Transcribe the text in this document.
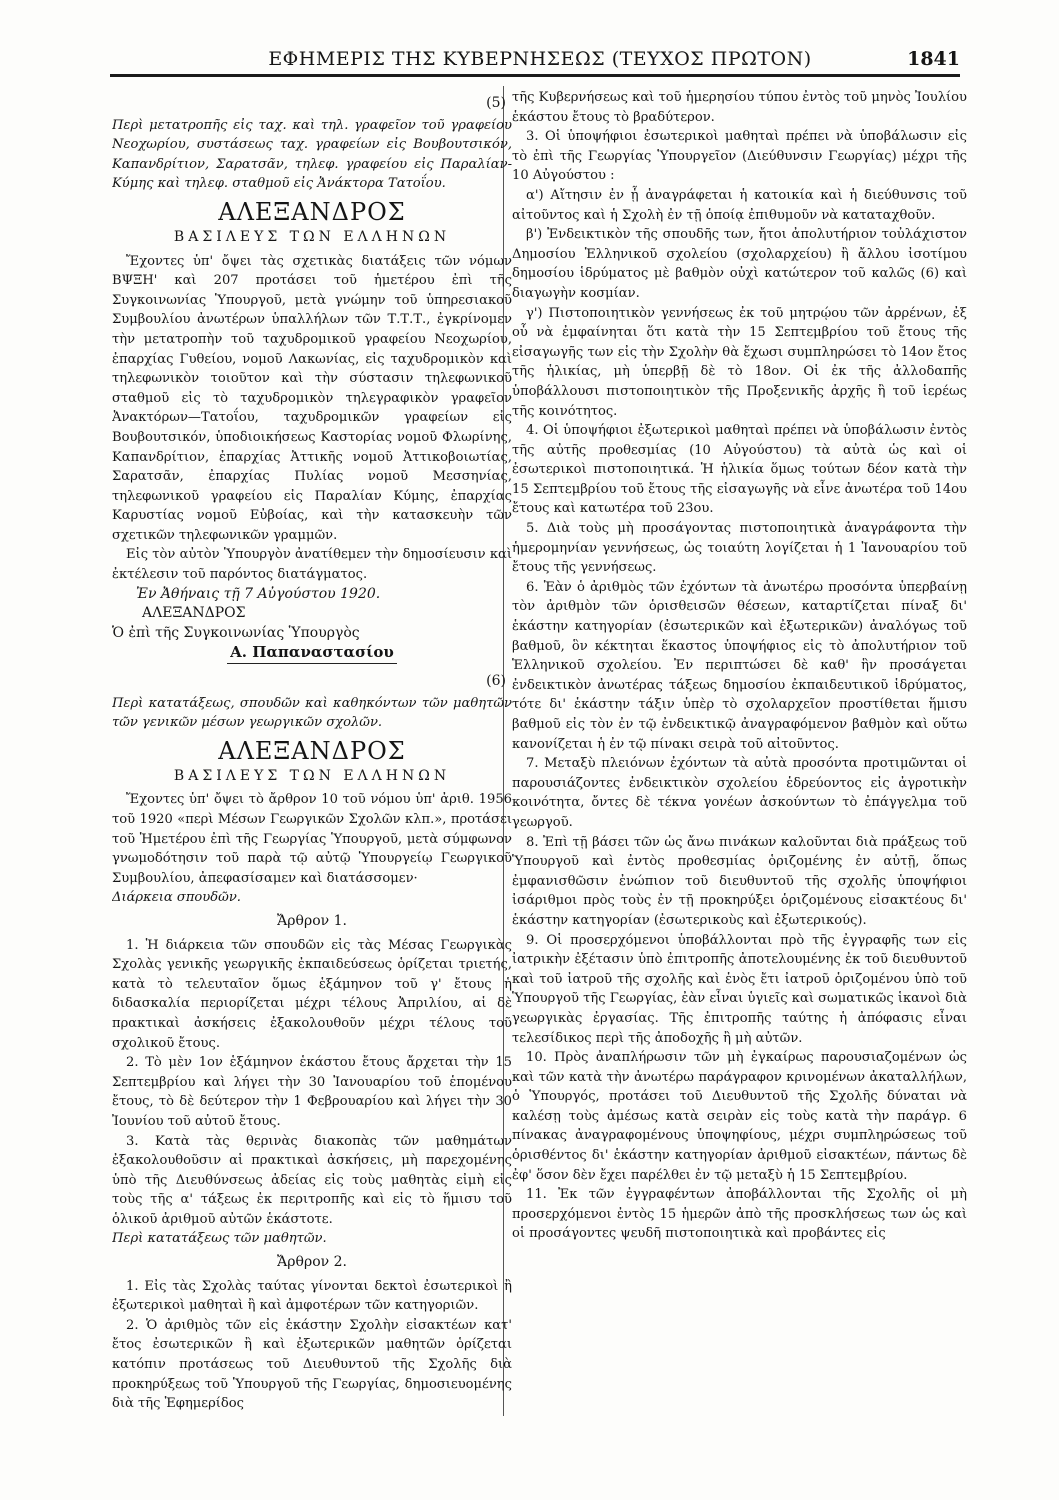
ΕΦΗΜΕΡΙΣ ΤΗΣ ΚΥΒΕΡΝΗΣΕΩΣ (ΤΕΥΧΟΣ ΠΡΩΤΟΝ)	1841
(5)

Περὶ μετατροπῆς εἰς ταχ. καὶ τηλ. γραφεῖον τοῦ γραφείου Νεοχωρίου, συστάσεως ταχ. γραφείων εἰς Βουβουτσικόν, Καπανδρίτιον, Σαρατσᾶν, τηλεφ. γραφείου εἰς Παραλίαν-Κύμης καὶ τηλεφ. σταθμοῦ εἰς Ἀνάκτορα Τατοΐου.

ΑΛΕΞΑΝΔΡΟΣ
ΒΑΣΙΛΕΥΣ ΤΩΝ ΕΛΛΗΝΩΝ

Ἔχοντες ὑπ' ὄψει τὰς σχετικὰς διατάξεις τῶν νόμων ΒΨΞΗ' καὶ 207 προτάσει τοῦ ἡμετέρου ἐπὶ τῆς Συγκοινωνίας Ὑπουργοῦ, μετὰ γνώμην τοῦ ὑπηρεσιακοῦ Συμβουλίου ἀνωτέρων ὑπαλλήλων τῶν Τ.Τ.Τ., ἐγκρίνομεν τὴν μετατροπὴν τοῦ ταχυδρομικοῦ γραφείου Νεοχωρίου, ἐπαρχίας Γυθείου, νομοῦ Λακωνίας, εἰς ταχυδρομικὸν καὶ τηλεφωνικὸν τοιοῦτον καὶ τὴν σύστασιν τηλεφωνικοῦ σταθμοῦ εἰς τὸ ταχυδρομικὸν τηλεγραφικὸν γραφεῖον Ἀνακτόρων—Τατοΐου, ταχυδρομικῶν γραφείων εἰς Βουβουτσικόν, ὑποδιοικήσεως Καστορίας νομοῦ Φλωρίνης, Καπανδρίτιον, ἐπαρχίας Ἀττικῆς νομοῦ Ἀττικοβοιωτίας, Σαρατσᾶν, ἐπαρχίας Πυλίας νομοῦ Μεσσηνίας, τηλεφωνικοῦ γραφείου εἰς Παραλίαν Κύμης, ἐπαρχίας Καρυστίας νομοῦ Εὐβοίας, καὶ τὴν κατασκευὴν τῶν σχετικῶν τηλεφωνικῶν γραμμῶν.

Εἰς τὸν αὐτὸν Ὑπουργὸν ἀνατίθεμεν τὴν δημοσίευσιν καὶ ἐκτέλεσιν τοῦ παρόντος διατάγματος.

Ἐν Ἀθήναις τῇ 7 Αὐγούστου 1920.

ΑΛΕΞΑΝΔΡΟΣ

Ὁ ἐπὶ τῆς Συγκοινωνίας Ὑπουργὸς

Α. Παπαναστασίου
(6)

Περὶ κατατάξεως, σπουδῶν καὶ καθηκόντων τῶν μαθητῶν τῶν γενικῶν μέσων γεωργικῶν σχολῶν.

ΑΛΕΞΑΝΔΡΟΣ
ΒΑΣΙΛΕΥΣ ΤΩΝ ΕΛΛΗΝΩΝ

Ἔχοντες ὑπ' ὄψει τὸ ἄρθρον 10 τοῦ νόμου ὑπ' ἀριθ. 1956 τοῦ 1920 «περὶ Μέσων Γεωργικῶν Σχολῶν κλπ.», προτάσει τοῦ Ἡμετέρου ἐπὶ τῆς Γεωργίας Ὑπουργοῦ, μετὰ σύμφωνον γνωμοδότησιν τοῦ παρὰ τῷ αὐτῷ Ὑπουργείῳ Γεωργικοῦ Συμβουλίου, ἀπεφασίσαμεν καὶ διατάσσομεν·

Διάρκεια σπουδῶν.

Ἄρθρον 1.

1. Ἡ διάρκεια τῶν σπουδῶν εἰς τὰς Μέσας Γεωργικὰς Σχολὰς γενικῆς γεωργικῆς ἐκπαιδεύσεως ὁρίζεται τριετής, κατὰ τὸ τελευταῖον ὅμως ἑξάμηνον τοῦ γ' ἔτους ἡ διδασκαλία περιορίζεται μέχρι τέλους Ἀπριλίου, αἱ δὲ πρακτικαὶ ἀσκήσεις ἐξακολουθοῦν μέχρι τέλους τοῦ σχολικοῦ ἔτους.

2. Τὸ μὲν 1ον ἑξάμηνον ἑκάστου ἔτους ἄρχεται τὴν 15 Σεπτεμβρίου καὶ λήγει τὴν 30 Ἰανουαρίου τοῦ ἑπομένου ἔτους, τὸ δὲ δεύτερον τὴν 1 Φεβρουαρίου καὶ λήγει τὴν 30 Ἰουνίου τοῦ αὐτοῦ ἔτους.

3. Κατὰ τὰς θερινὰς διακοπὰς τῶν μαθημάτων ἐξακολουθοῦσιν αἱ πρακτικαὶ ἀσκήσεις, μὴ παρεχομένης ὑπὸ τῆς Διευθύνσεως ἀδείας εἰς τοὺς μαθητὰς εἰμὴ εἰς τοὺς τῆς α' τάξεως ἐκ περιτροπῆς καὶ εἰς τὸ ἥμισυ τοῦ ὁλικοῦ ἀριθμοῦ αὐτῶν ἑκάστοτε.

Περὶ κατατάξεως τῶν μαθητῶν.

Ἄρθρον 2.

1. Εἰς τὰς Σχολὰς ταύτας γίνονται δεκτοὶ ἐσωτερικοὶ ἢ ἐξωτερικοὶ μαθηταὶ ἢ καὶ ἀμφοτέρων τῶν κατηγοριῶν.

2. Ὁ ἀριθμὸς τῶν εἰς ἑκάστην Σχολὴν εἰσακτέων κατ' ἔτος ἐσωτερικῶν ἢ καὶ ἐξωτερικῶν μαθητῶν ὁρίζεται κατόπιν προτάσεως τοῦ Διευθυντοῦ τῆς Σχολῆς διὰ προκηρύξεως τοῦ Ὑπουργοῦ τῆς Γεωργίας, δημοσιευομένης διὰ τῆς Ἐφημερίδος

τῆς Κυβερνήσεως καὶ τοῦ ἡμερησίου τύπου ἐντὸς τοῦ μηνὸς Ἰουλίου ἑκάστου ἔτους τὸ βραδύτερον.

3. Οἱ ὑποψήφιοι ἐσωτερικοὶ μαθηταὶ πρέπει νὰ ὑποβάλωσιν εἰς τὸ ἐπὶ τῆς Γεωργίας Ὑπουργεῖον (Διεύθυνσιν Γεωργίας) μέχρι τῆς 10 Αὐγούστου :

α') Αἴτησιν ἐν ᾗ ἀναγράφεται ἡ κατοικία καὶ ἡ διεύθυνσις τοῦ αἰτοῦντος καὶ ἡ Σχολὴ ἐν τῇ ὁποίᾳ ἐπιθυμοῦν νὰ καταταχθοῦν.

β') Ἐνδεικτικὸν τῆς σπουδῆς των, ἤτοι ἀπολυτήριον τοὐλάχιστον Δημοσίου Ἑλληνικοῦ σχολείου (σχολαρχείου) ἢ ἄλλου ἰσοτίμου δημοσίου ἱδρύματος μὲ βαθμὸν οὐχὶ κατώτερον τοῦ καλῶς (6) καὶ διαγωγὴν κοσμίαν.

γ') Πιστοποιητικὸν γεννήσεως ἐκ τοῦ μητρῴου τῶν ἀρρένων, ἐξ οὗ νὰ ἐμφαίνηται ὅτι κατὰ τὴν 15 Σεπτεμβρίου τοῦ ἔτους τῆς εἰσαγωγῆς των εἰς τὴν Σχολὴν θὰ ἔχωσι συμπληρώσει τὸ 14ον ἔτος τῆς ἡλικίας, μὴ ὑπερβῇ δὲ τὸ 18ον. Οἱ ἐκ τῆς ἀλλοδαπῆς ὑποβάλλουσι πιστοποιητικὸν τῆς Προξενικῆς ἀρχῆς ἢ τοῦ ἱερέως τῆς κοινότητος.

4. Οἱ ὑποψήφιοι ἐξωτερικοὶ μαθηταὶ πρέπει νὰ ὑποβάλωσιν ἐντὸς τῆς αὐτῆς προθεσμίας (10 Αὐγούστου) τὰ αὐτὰ ὡς καὶ οἱ ἐσωτερικοὶ πιστοποιητικά. Ἡ ἡλικία ὅμως τούτων δέον κατὰ τὴν 15 Σεπτεμβρίου τοῦ ἔτους τῆς εἰσαγωγῆς νὰ εἶνε ἀνωτέρα τοῦ 14ου ἔτους καὶ κατωτέρα τοῦ 23ου.

5. Διὰ τοὺς μὴ προσάγοντας πιστοποιητικὰ ἀναγράφοντα τὴν ἡμερομηνίαν γεννήσεως, ὡς τοιαύτη λογίζεται ἡ 1 Ἰανουαρίου τοῦ ἔτους τῆς γεννήσεως.

6. Ἐὰν ὁ ἀριθμὸς τῶν ἐχόντων τὰ ἀνωτέρω προσόντα ὑπερβαίνῃ τὸν ἀριθμὸν τῶν ὁρισθεισῶν θέσεων, καταρτίζεται πίναξ δι' ἑκάστην κατηγορίαν (ἐσωτερικῶν καὶ ἐξωτερικῶν) ἀναλόγως τοῦ βαθμοῦ, ὃν κέκτηται ἕκαστος ὑποψήφιος εἰς τὸ ἀπολυτήριον τοῦ Ἑλληνικοῦ σχολείου. Ἐν περιπτώσει δὲ καθ' ἣν προσάγεται ἐνδεικτικὸν ἀνωτέρας τάξεως δημοσίου ἐκπαιδευτικοῦ ἱδρύματος, τότε δι' ἑκάστην τάξιν ὑπὲρ τὸ σχολαρχεῖον προστίθεται ἥμισυ βαθμοῦ εἰς τὸν ἐν τῷ ἐνδεικτικῷ ἀναγραφόμενον βαθμὸν καὶ οὕτω κανονίζεται ἡ ἐν τῷ πίνακι σειρὰ τοῦ αἰτοῦντος.

7. Μεταξὺ πλειόνων ἐχόντων τὰ αὐτὰ προσόντα προτιμῶνται οἱ παρουσιάζοντες ἐνδεικτικὸν σχολείου ἑδρεύοντος εἰς ἀγροτικὴν κοινότητα, ὄντες δὲ τέκνα γονέων ἀσκούντων τὸ ἐπάγγελμα τοῦ γεωργοῦ.

8. Ἐπὶ τῇ βάσει τῶν ὡς ἄνω πινάκων καλοῦνται διὰ πράξεως τοῦ Ὑπουργοῦ καὶ ἐντὸς προθεσμίας ὁριζομένης ἐν αὐτῇ, ὅπως ἐμφανισθῶσιν ἐνώπιον τοῦ διευθυντοῦ τῆς σχολῆς ὑποψήφιοι ἰσάριθμοι πρὸς τοὺς ἐν τῇ προκηρύξει ὁριζομένους εἰσακτέους δι' ἑκάστην κατηγορίαν (ἐσωτερικοὺς καὶ ἐξωτερικούς).

9. Οἱ προσερχόμενοι ὑποβάλλονται πρὸ τῆς ἐγγραφῆς των εἰς ἰατρικὴν ἐξέτασιν ὑπὸ ἐπιτροπῆς ἀποτελουμένης ἐκ τοῦ διευθυντοῦ καὶ τοῦ ἰατροῦ τῆς σχολῆς καὶ ἑνὸς ἔτι ἰατροῦ ὁριζομένου ὑπὸ τοῦ Ὑπουργοῦ τῆς Γεωργίας, ἐὰν εἶναι ὑγιεῖς καὶ σωματικῶς ἱκανοὶ διὰ γεωργικὰς ἐργασίας. Τῆς ἐπιτροπῆς ταύτης ἡ ἀπόφασις εἶναι τελεσίδικος περὶ τῆς ἀποδοχῆς ἢ μὴ αὐτῶν.

10. Πρὸς ἀναπλήρωσιν τῶν μὴ ἐγκαίρως παρουσιαζομένων ὡς καὶ τῶν κατὰ τὴν ἀνωτέρω παράγραφον κρινομένων ἀκαταλλήλων, ὁ Ὑπουργός, προτάσει τοῦ Διευθυντοῦ τῆς Σχολῆς δύναται νὰ καλέσῃ τοὺς ἀμέσως κατὰ σειρὰν εἰς τοὺς κατὰ τὴν παράγρ. 6 πίνακας ἀναγραφομένους ὑποψηφίους, μέχρι συμπληρώσεως τοῦ ὁρισθέντος δι' ἑκάστην κατηγορίαν ἀριθμοῦ εἰσακτέων, πάντως δὲ ἐφ' ὅσον δὲν ἔχει παρέλθει ἐν τῷ μεταξὺ ἡ 15 Σεπτεμβρίου.

11. Ἐκ τῶν ἐγγραφέντων ἀποβάλλονται τῆς Σχολῆς οἱ μὴ προσερχόμενοι ἐντὸς 15 ἡμερῶν ἀπὸ τῆς προσκλήσεως των ὡς καὶ οἱ προσάγοντες ψευδῆ πιστοποιητικὰ καὶ προβάντες εἰς
